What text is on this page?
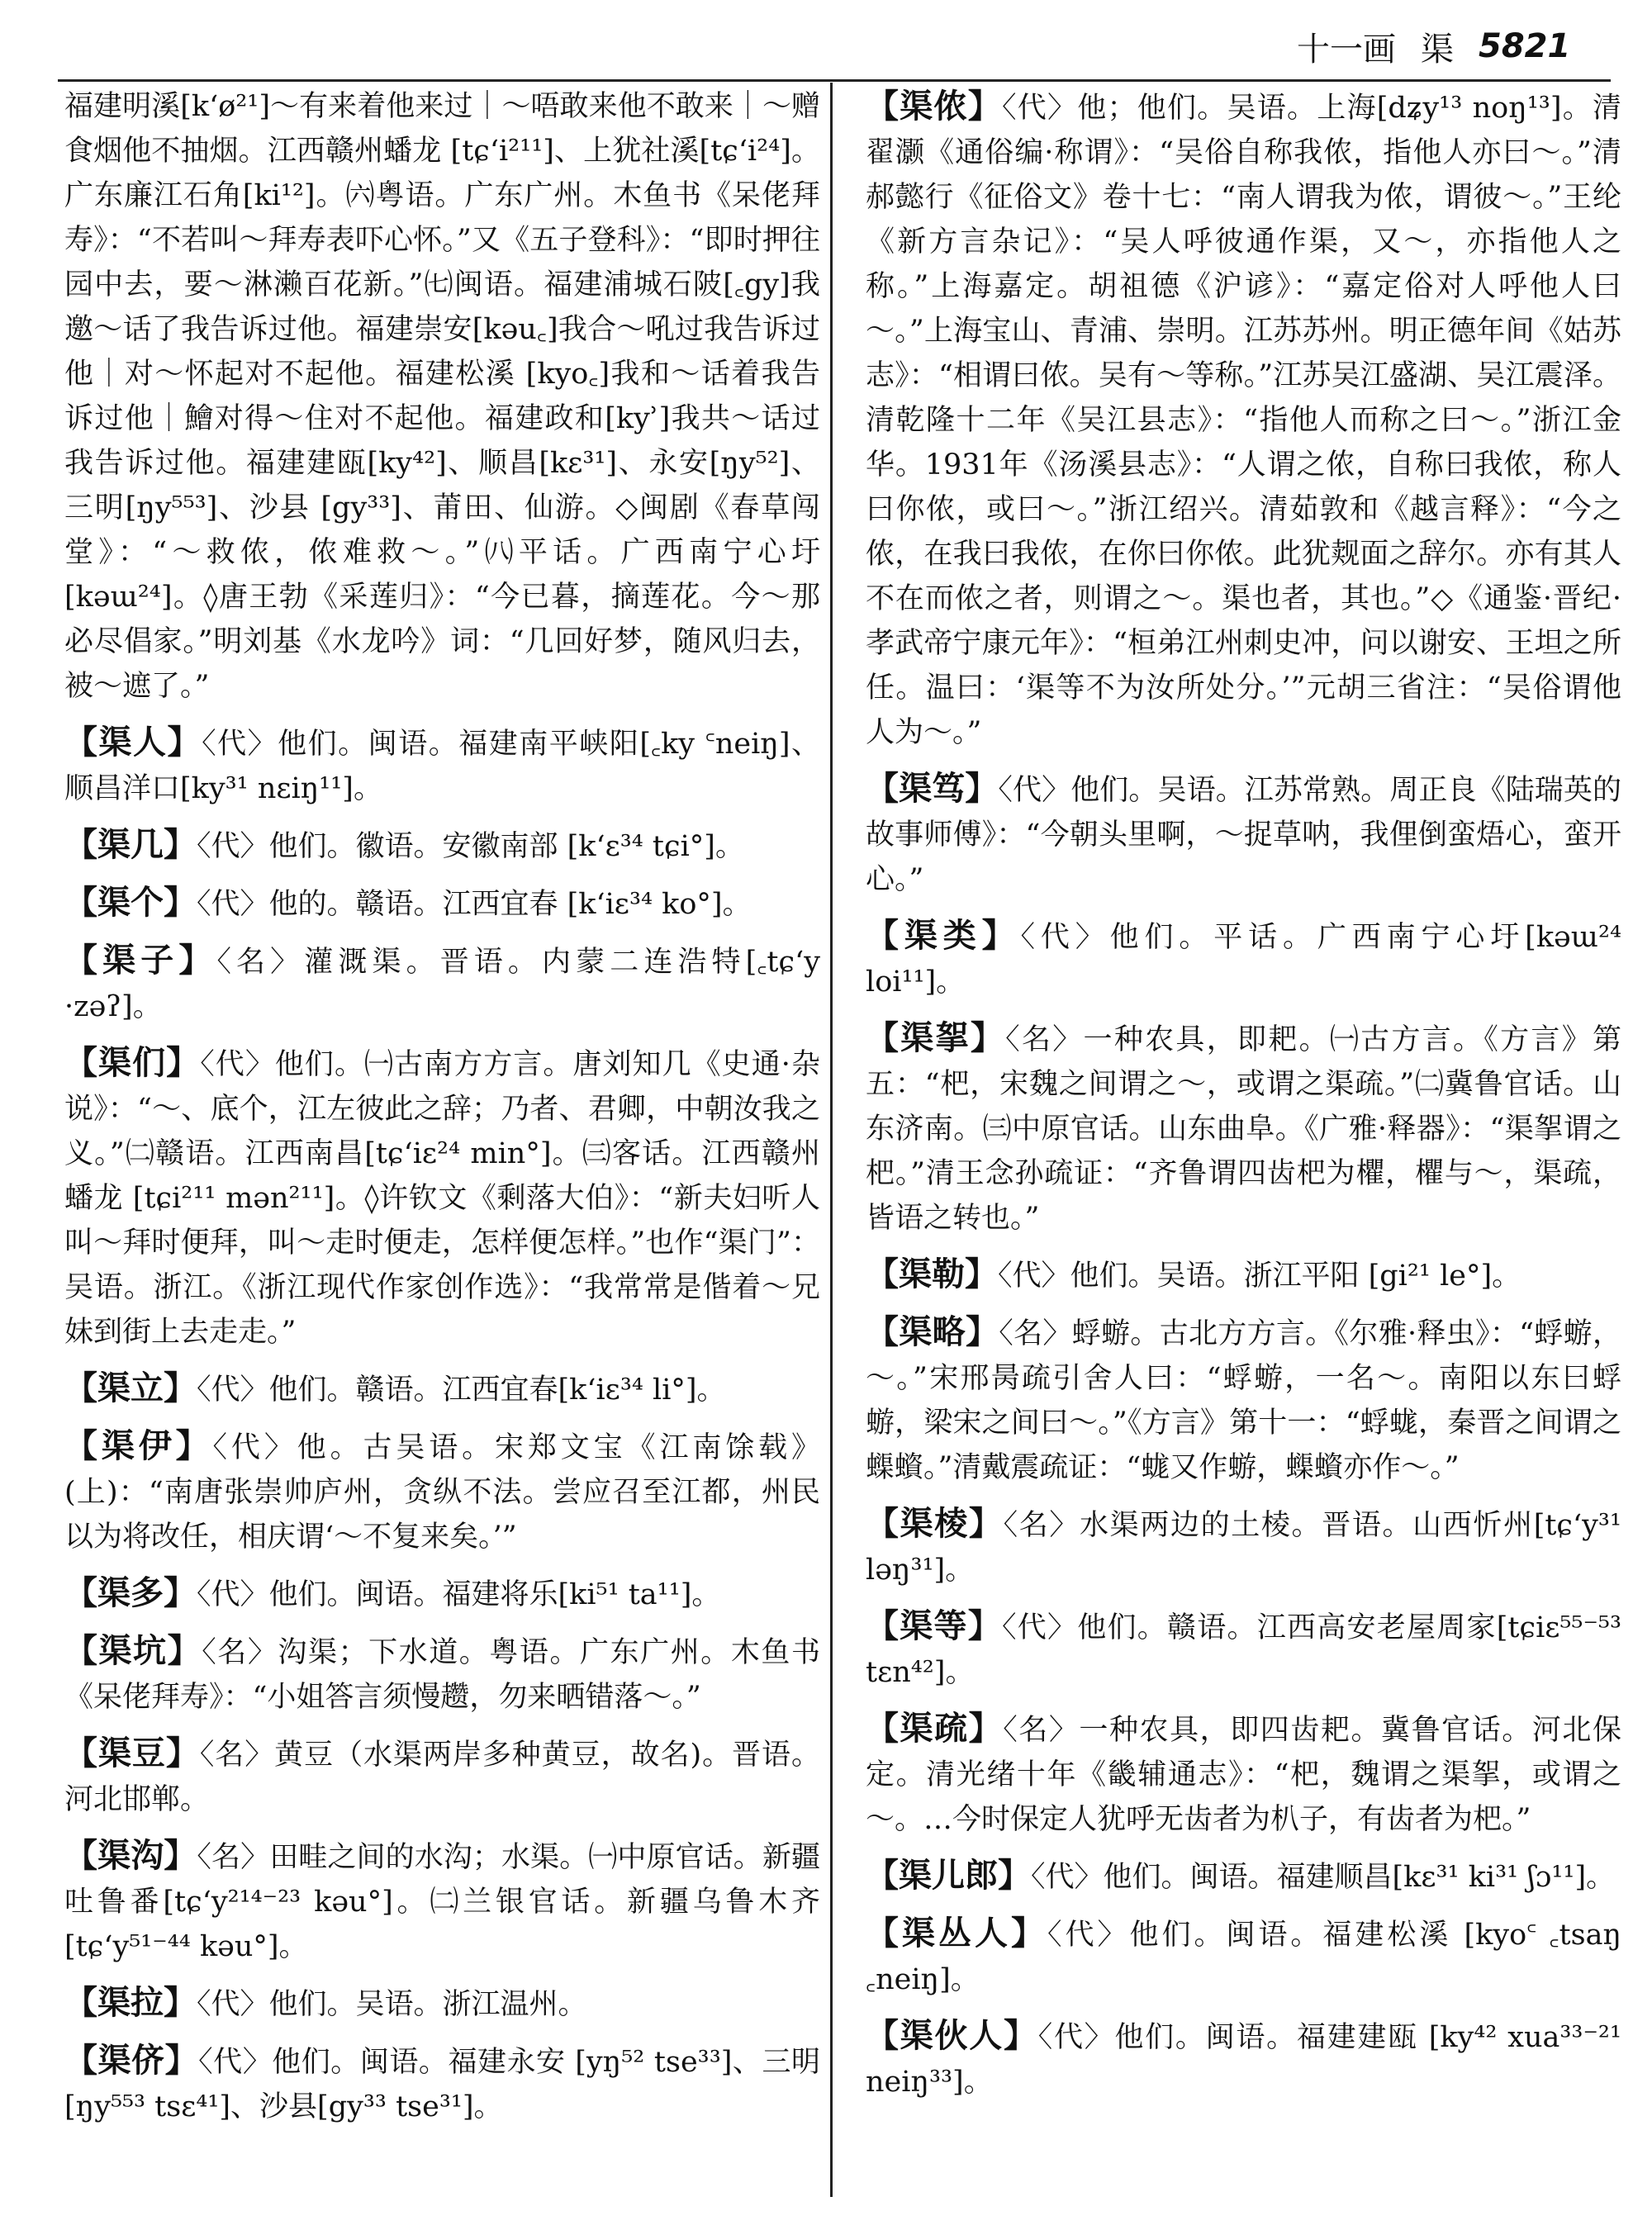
十一画 渠 5821
福建明溪[k‘ø²¹]～有来着他来过｜～唔敢来他不敢来｜～赠食烟他不抽烟。江西赣州蟠龙 [tɕ‘i²¹¹]、上犹社溪[tɕ‘i²⁴]。广东廉江石角[ki¹²]。㈥粤语。广东广州。木鱼书《呆佬拜寿》：“不若叫～拜寿表吓心怀。”又《五子登科》：“即时押往园中去，要～淋濑百花新。”㈦闽语。福建浦城石陂[꜀gy]我邀～话了我告诉过他。福建崇安[kəu꜀]我合～吼过我告诉过他｜对～怀起对不起他。福建松溪 [kyo꜀]我和～话着我告诉过他｜鱠对得～住对不起他。福建政和[kyʾ]我共～话过我告诉过他。福建建瓯[ky⁴²]、顺昌[kɛ³¹]、永安[ŋy⁵²]、三明[ŋy⁵⁵³]、沙县 [gy³³]、莆田、仙游。◇闽剧《春草闯堂》：“～救侬，侬难救～。”㈧平话。广西南宁心圩 [kəɯ²⁴]。◊唐王勃《采莲归》：“今已暮，摘莲花。今～那必尽倡家。”明刘基《水龙吟》词：“几回好梦，随风归去，被～遮了。”

【渠人】〈代〉他们。闽语。福建南平峡阳[꜀ky ꜂neiŋ]、顺昌洋口[ky³¹ nɛiŋ¹¹]。

【渠几】〈代〉他们。徽语。安徽南部 [k‘ɛ³⁴ tɕi°]。

【渠个】〈代〉他的。赣语。江西宜春 [k‘iɛ³⁴ ko°]。

【渠子】〈名〉灌溉渠。晋语。内蒙二连浩特[꜀tɕ‘y ·zəʔ]。

【渠们】〈代〉他们。㈠古南方方言。唐刘知几《史通·杂说》：“～、底个，江左彼此之辞；乃者、君卿，中朝汝我之义。”㈡赣语。江西南昌[tɕ‘iɛ²⁴ min°]。㈢客话。江西赣州蟠龙 [tɕi²¹¹ mən²¹¹]。◊许钦文《剩落大伯》：“新夫妇听人叫～拜时便拜，叫～走时便走，怎样便怎样。”也作“渠门”：吴语。浙江。《浙江现代作家创作选》：“我常常是偕着～兄妹到街上去走走。”

【渠立】〈代〉他们。赣语。江西宜春[k‘iɛ³⁴ li°]。

【渠伊】〈代〉他。古吴语。宋郑文宝《江南馀载》(上)：“南唐张崇帅庐州，贪纵不法。尝应召至江都，州民以为将改任，相庆谓‘～不复来矣。’”

【渠多】〈代〉他们。闽语。福建将乐[ki⁵¹ ta¹¹]。

【渠坑】〈名〉沟渠；下水道。粤语。广东广州。木鱼书《呆佬拜寿》：“小姐答言须慢趱，勿来晒错落～。”

【渠豆】〈名〉黄豆（水渠两岸多种黄豆，故名)。晋语。河北邯郸。

【渠沟】〈名〉田畦之间的水沟；水渠。㈠中原官话。新疆吐鲁番[tɕ‘y²¹⁴⁻²³ kəu°]。㈡兰银官话。新疆乌鲁木齐[tɕ‘y⁵¹⁻⁴⁴ kəu°]。

【渠拉】〈代〉他们。吴语。浙江温州。

【渠侪】〈代〉他们。闽语。福建永安 [yŋ⁵² tse³³]、三明 [ŋy⁵⁵³ tsɛ⁴¹]、沙县[gy³³ tse³¹]。

【渠侬】〈代〉他；他们。吴语。上海[dʑy¹³ noŋ¹³]。清翟灏《通俗编·称谓》：“吴俗自称我侬，指他人亦曰～。”清郝懿行《征俗文》卷十七：“南人谓我为侬，谓彼～。”王纶《新方言杂记》：“吴人呼彼通作渠，又～，亦指他人之称。”上海嘉定。胡祖德《沪谚》：“嘉定俗对人呼他人曰～。”上海宝山、青浦、崇明。江苏苏州。明正德年间《姑苏志》：“相谓曰侬。吴有～等称。”江苏吴江盛湖、吴江震泽。清乾隆十二年《吴江县志》：“指他人而称之曰～。”浙江金华。1931年《汤溪县志》：“人谓之侬，自称曰我侬，称人曰你侬，或曰～。”浙江绍兴。清茹敦和《越言释》：“今之侬，在我曰我侬，在你曰你侬。此犹觌面之辞尔。亦有其人不在而侬之者，则谓之～。渠也者，其也。”◇《通鉴·晋纪·孝武帝宁康元年》：“桓弟江州刺史冲，问以谢安、王坦之所任。温曰：‘渠等不为汝所处分。’”元胡三省注：“吴俗谓他人为～。”

【渠笃】〈代〉他们。吴语。江苏常熟。周正良《陆瑞英的故事师傅》：“今朝头里啊，～捉草呐，我俚倒蛮焐心，蛮开心。”

【渠类】〈代〉他们。平话。广西南宁心圩[kəɯ²⁴ loi¹¹]。

【渠挐】〈名〉一种农具，即耙。㈠古方言。《方言》第五：“杷，宋魏之间谓之～，或谓之渠疏。”㈡冀鲁官话。山东济南。㈢中原官话。山东曲阜。《广雅·释器》：“渠挐谓之杷。”清王念孙疏证：“齐鲁谓四齿杷为欋，欋与～，渠疏，皆语之转也。”

【渠勒】〈代〉他们。吴语。浙江平阳 [gi²¹ le°]。

【渠略】〈名〉蜉蝣。古北方方言。《尔雅·释虫》：“蜉蝣，～。”宋邢昺疏引舍人曰：“蜉蝣，一名～。南阳以东曰蜉蝣，梁宋之间曰～。”《方言》第十一：“蜉蛖，秦晋之间谓之蟝蠀。”清戴震疏证：“蛖又作蝣，蟝蠀亦作～。”

【渠棱】〈名〉水渠两边的土棱。晋语。山西忻州[tɕ‘y³¹ ləŋ³¹]。

【渠等】〈代〉他们。赣语。江西高安老屋周家[tɕiɛ⁵⁵⁻⁵³ tɛn⁴²]。

【渠疏】〈名〉一种农具，即四齿耙。冀鲁官话。河北保定。清光绪十年《畿辅通志》：“杷，魏谓之渠挐，或谓之～。…今时保定人犹呼无齿者为朳子，有齿者为杷。”

【渠儿郎】〈代〉他们。闽语。福建顺昌[kɛ³¹ ki³¹ ʃɔ¹¹]。

【渠丛人】〈代〉他们。闽语。福建松溪 [kyo꜂ ꜀tsaŋ ꜀neiŋ]。

【渠伙人】〈代〉他们。闽语。福建建瓯 [ky⁴² xua³³⁻²¹ neiŋ³³]。
